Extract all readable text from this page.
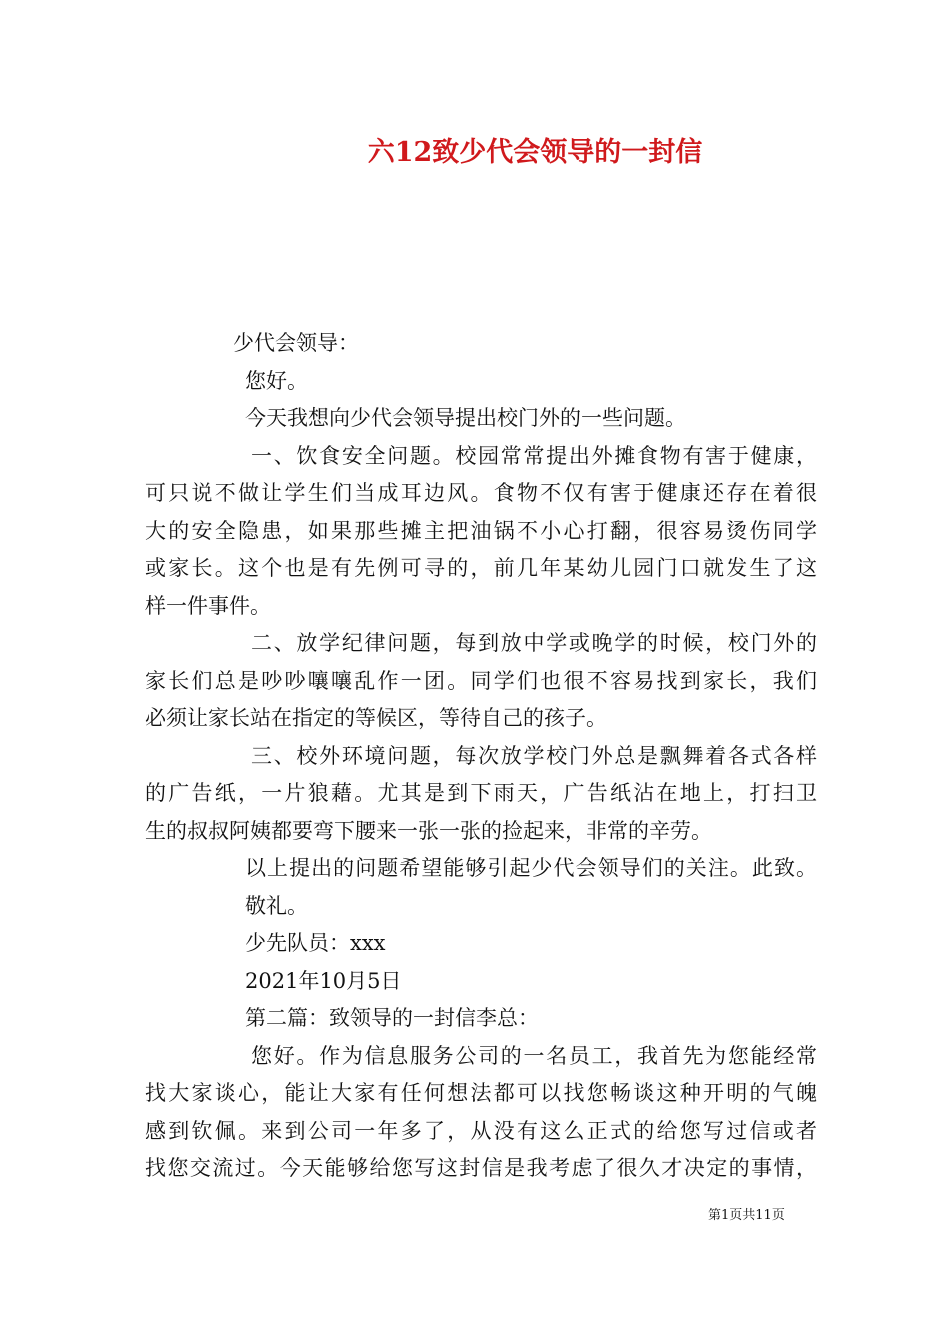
六12致少代会领导的一封信
少代会领导：
您好。
今天我想向少代会领导提出校门外的一些问题。
一、饮食安全问题。校园常常提出外摊食物有害于健康，
可只说不做让学生们当成耳边风。食物不仅有害于健康还存在着很
大的安全隐患，如果那些摊主把油锅不小心打翻，很容易烫伤同学
或家长。这个也是有先例可寻的，前几年某幼儿园门口就发生了这
样一件事件。
二、放学纪律问题，每到放中学或晚学的时候，校门外的
家长们总是吵吵嚷嚷乱作一团。同学们也很不容易找到家长，我们
必须让家长站在指定的等候区，等待自己的孩子。
三、校外环境问题，每次放学校门外总是飘舞着各式各样
的广告纸，一片狼藉。尤其是到下雨天，广告纸沾在地上，打扫卫
生的叔叔阿姨都要弯下腰来一张一张的捡起来，非常的辛劳。
以上提出的问题希望能够引起少代会领导们的关注。此致。
敬礼。
少先队员：xxx
2021年10月5日
第二篇：致领导的一封信李总：
您好。作为信息服务公司的一名员工，我首先为您能经常
找大家谈心，能让大家有任何想法都可以找您畅谈这种开明的气魄
感到钦佩。来到公司一年多了，从没有这么正式的给您写过信或者
找您交流过。今天能够给您写这封信是我考虑了很久才决定的事情，
第1页共11页
